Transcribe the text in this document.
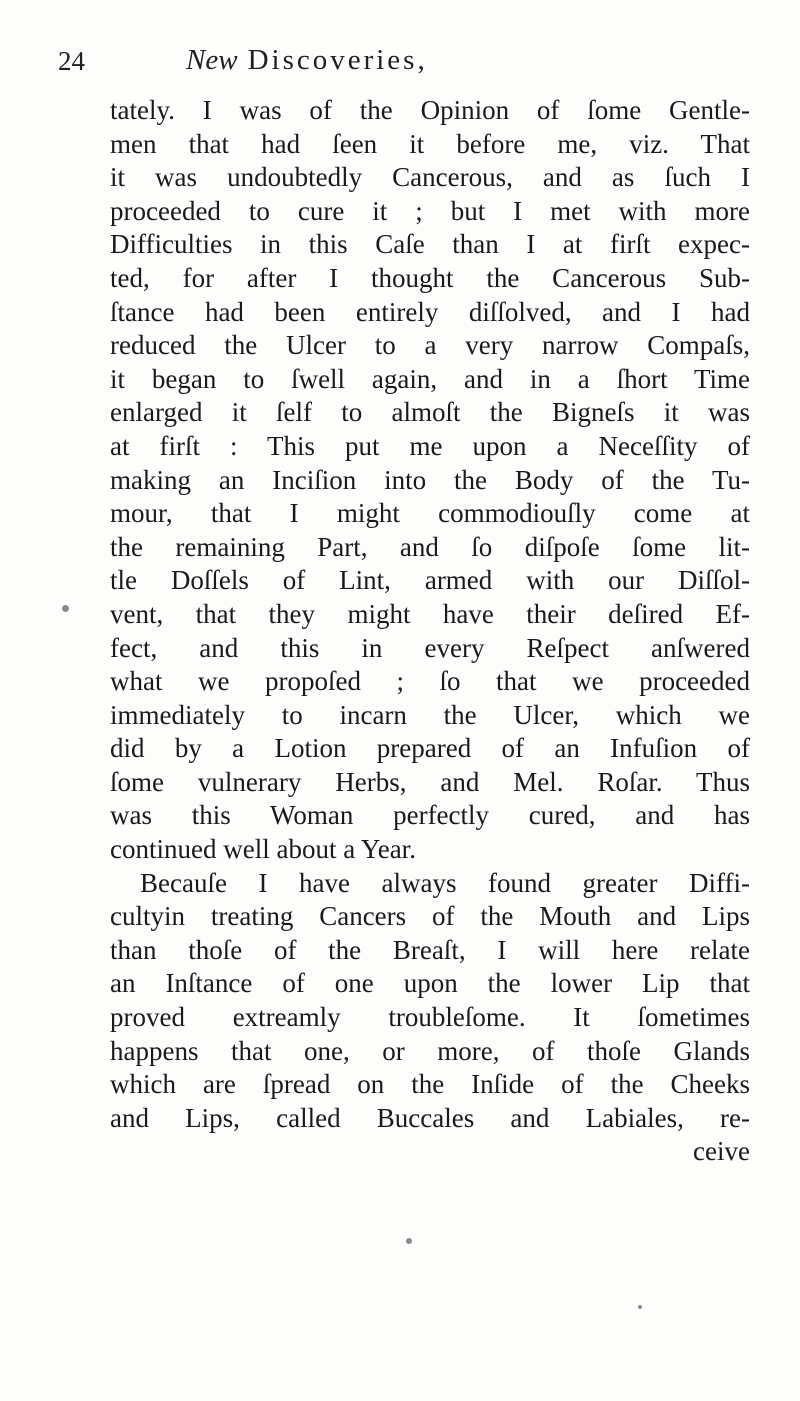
24	New Discoveries,
tately. I was of the Opinion of ſome Gentle-
men that had ſeen it before me, viz. That
it was undoubtedly Cancerous, and as ſuch I
proceeded to cure it ; but I met with more
Difficulties in this Caſe than I at firſt expec-
ted, for after I thought the Cancerous Sub-
ſtance had been entirely diſſolved, and I had
reduced the Ulcer to a very narrow Compaſs,
it began to ſwell again, and in a ſhort Time
enlarged it ſelf to almoſt the Bigneſs it was
at firſt : This put me upon a Neceſſity of
making an Inciſion into the Body of the Tu-
mour, that I might commodiouſly come at
the remaining Part, and ſo diſpoſe ſome lit-
tle Doſſels of Lint, armed with our Diſſol-
vent, that they might have their deſired Ef-
fect, and this in every Reſpect anſwered
what we propoſed ; ſo that we proceeded
immediately to incarn the Ulcer, which we
did by a Lotion prepared of an Infuſion of
ſome vulnerary Herbs, and Mel. Roſar. Thus
was this Woman perfectly cured, and has
continued well about a Year.
Becauſe I have always found greater Diffi-
cultyin treating Cancers of the Mouth and Lips
than thoſe of the Breaſt, I will here relate
an Inſtance of one upon the lower Lip that
proved extreamly troubleſome. It ſometimes
happens that one, or more, of thoſe Glands
which are ſpread on the Inſide of the Cheeks
and Lips, called Buccales and Labiales, re-
ceive
